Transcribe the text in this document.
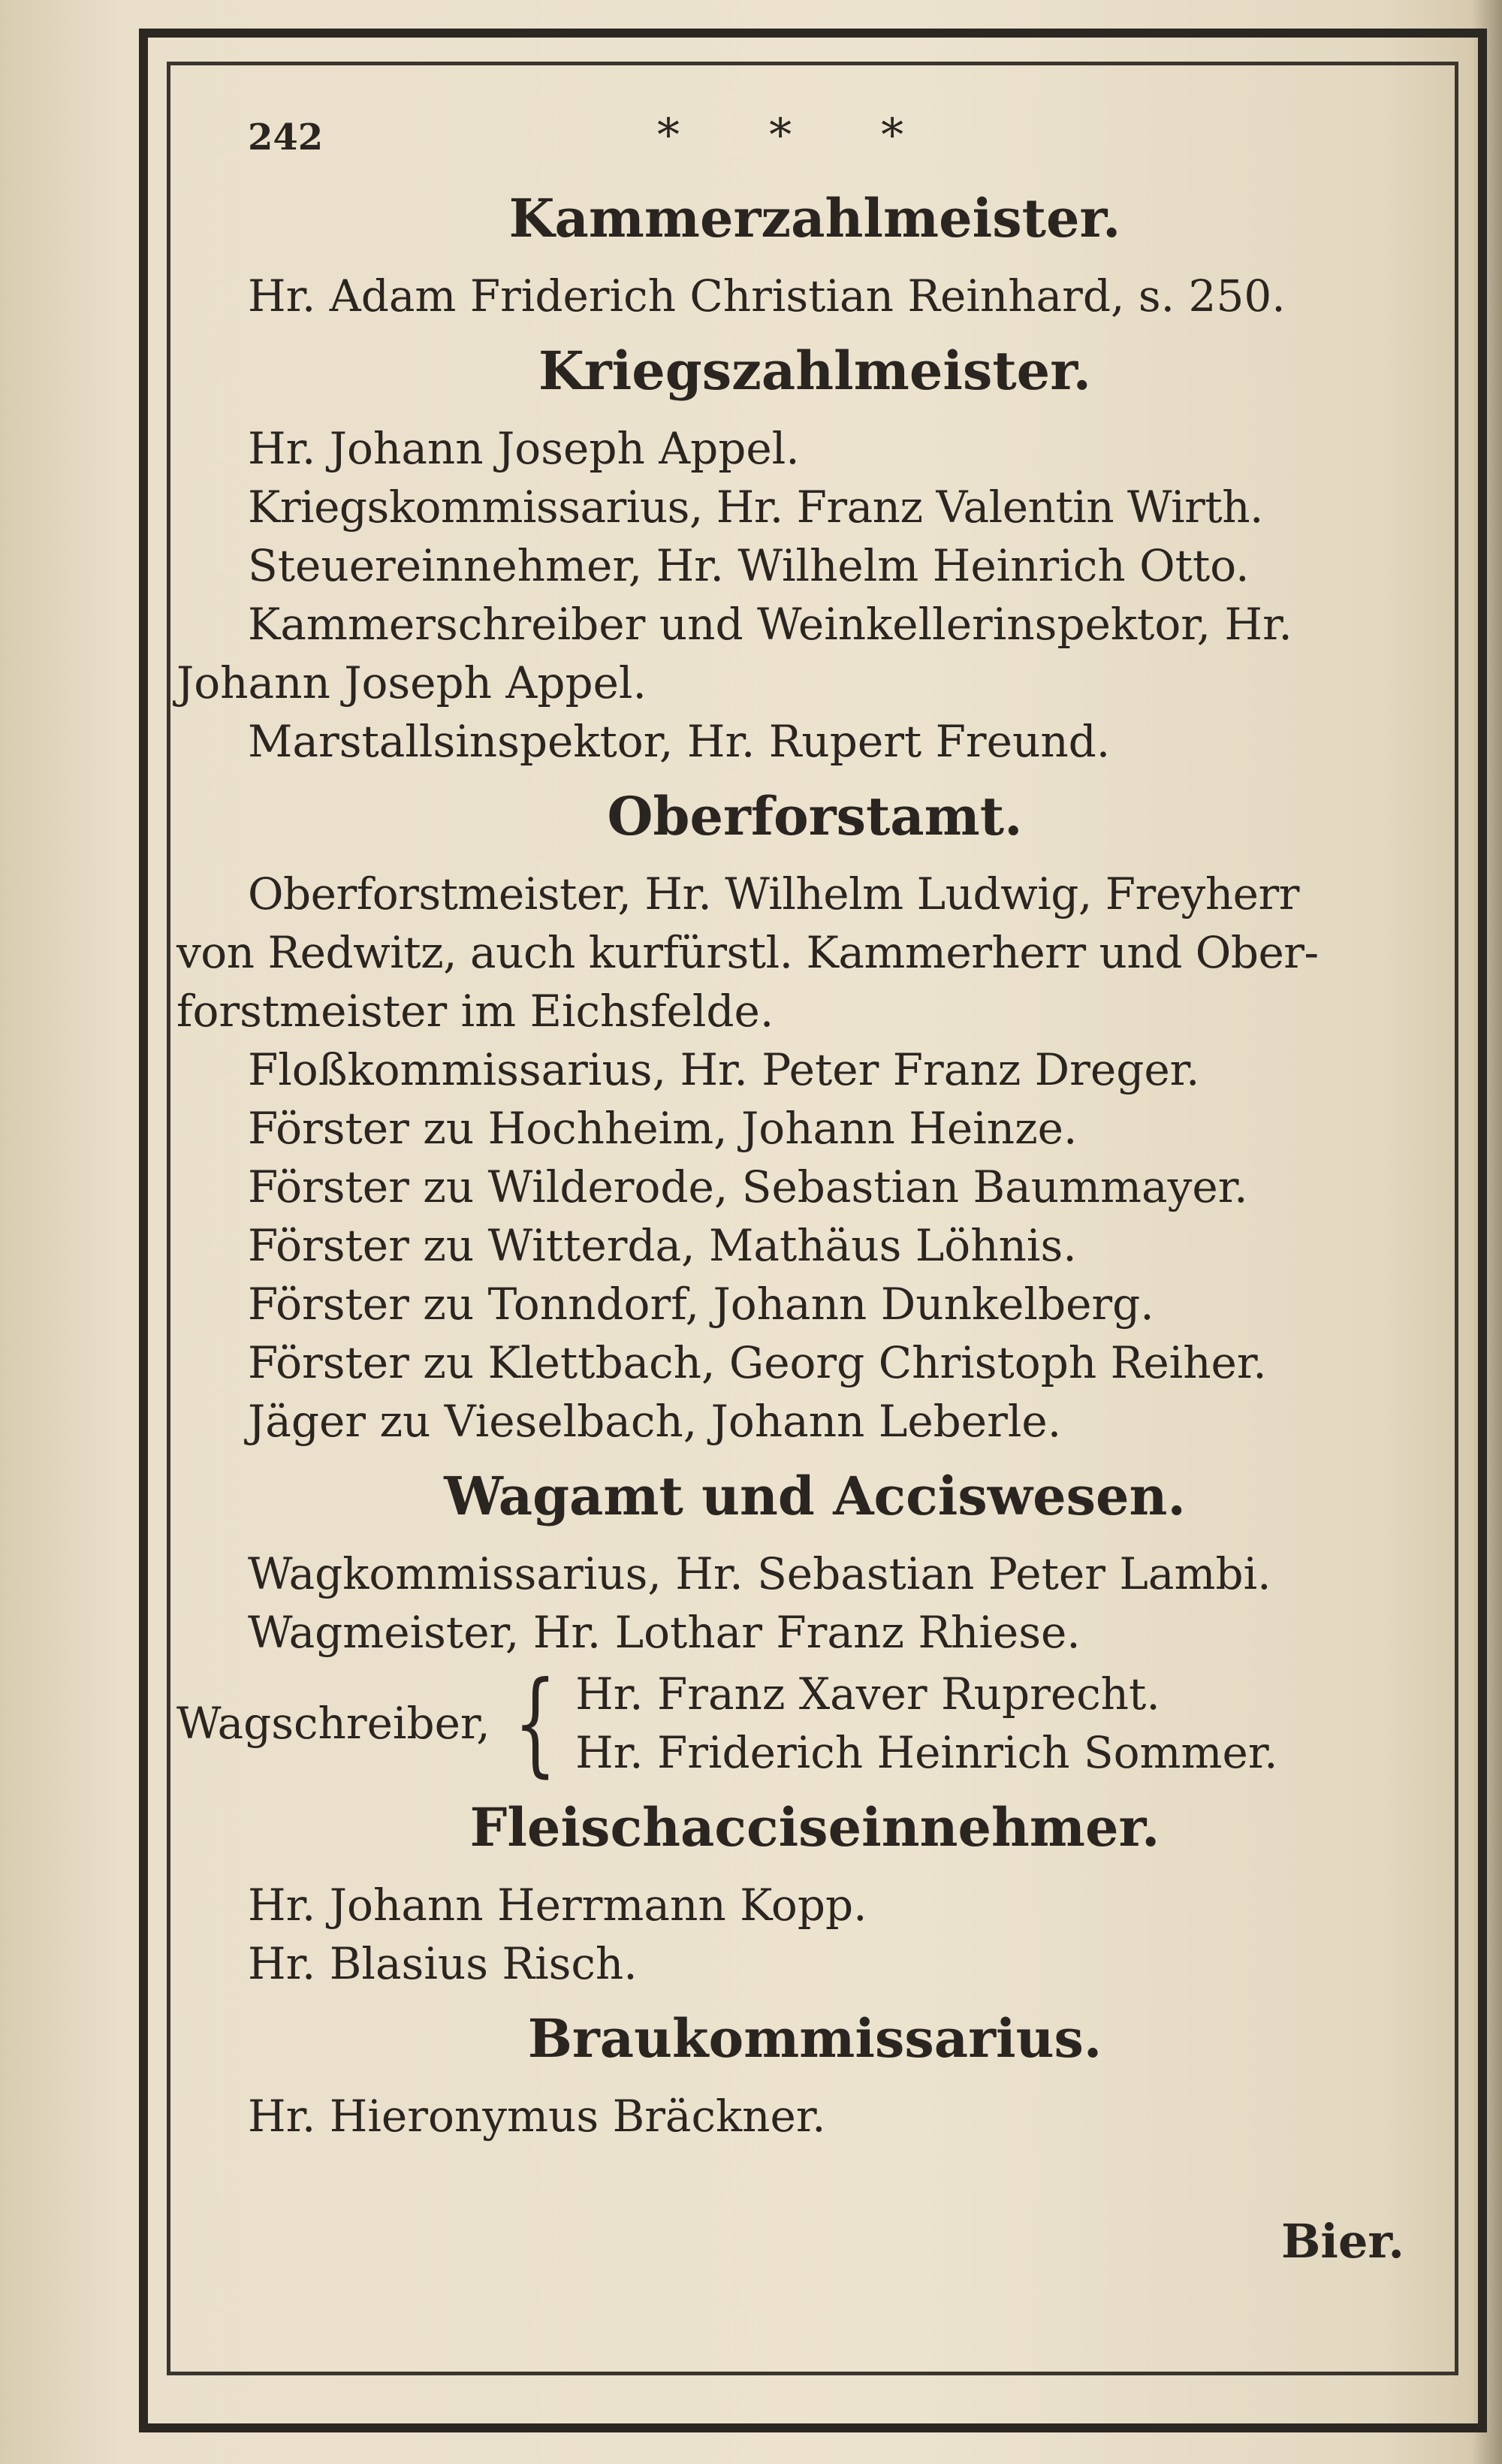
242	* * *
Kammerzahlmeister.
Hr. Adam Friderich Christian Reinhard, s. 250.
Kriegszahlmeister.
Hr. Johann Joseph Appel.
Kriegskommissarius, Hr. Franz Valentin Wirth.
Steuereinnehmer, Hr. Wilhelm Heinrich Otto.
Kammerschreiber und Weinkellerinspektor, Hr.
Johann Joseph Appel.
Marstallsinspektor, Hr. Rupert Freund.
Oberforstamt.
Oberforstmeister, Hr. Wilhelm Ludwig, Freyherr
von Redwitz, auch kurfürstl. Kammerherr und Ober-
forstmeister im Eichsfelde.
Floßkommissarius, Hr. Peter Franz Dreger.
Förster zu Hochheim, Johann Heinze.
Förster zu Wilderode, Sebastian Baummayer.
Förster zu Witterda, Mathäus Löhnis.
Förster zu Tonndorf, Johann Dunkelberg.
Förster zu Klettbach, Georg Christoph Reiher.
Jäger zu Vieselbach, Johann Leberle.
Wagamt und Acciswesen.
Wagkommissarius, Hr. Sebastian Peter Lambi.
Wagmeister, Hr. Lothar Franz Rhiese.
Wagschreiber, { Hr. Franz Xaver Ruprecht.
Hr. Friderich Heinrich Sommer.
Fleischacciseinnehmer.
Hr. Johann Herrmann Kopp.
Hr. Blasius Risch.
Braukommissarius.
Hr. Hieronymus Bräckner.
Bier.
